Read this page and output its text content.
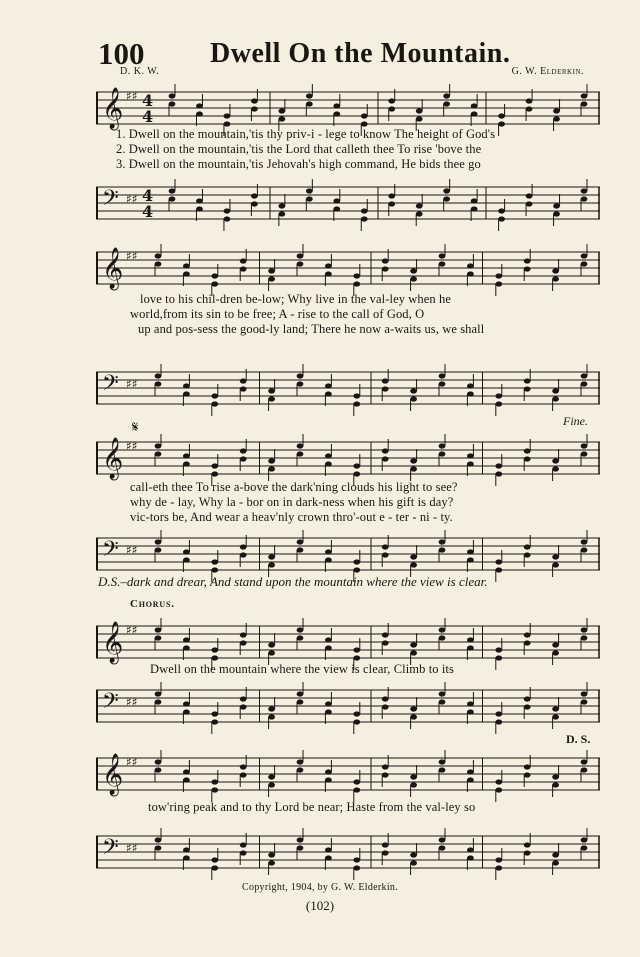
100 Dwell On the Mountain.
D. K. W.	G. W. Elderkin.
𝄞 ♯♯ 4
4
1. Dwell on the mountain,'tis thy priv-i - lege to know The height of God's
2. Dwell on the mountain,'tis the Lord that calleth thee To rise 'bove the
3. Dwell on the mountain,'tis Jehovah's high command, He bids thee go
𝄢 ♯♯ 4
4
𝄞 ♯♯
love to his chil-dren be-low; Why live in the val-ley when he
world,from its sin to be free; A - rise to the call of God, O
up and pos-sess the good-ly land; There he now a-waits us, we shall
𝄢 ♯♯
𝄞 ♯♯
𝄋	Fine.
call-eth thee To rise a-bove the dark'ning clouds his light to see?
why de - lay, Why la - bor on in dark-ness when his gift is day?
vic-tors be, And wear a heav'nly crown thro'-out e - ter - ni - ty.
𝄢 ♯♯
D.S.–dark and drear, And stand upon the mountain where the view is clear.
Chorus.
𝄞 ♯♯
Dwell on the mountain where the view is clear, Climb to its
𝄢 ♯♯
D. S.
𝄞 ♯♯
tow'ring peak and to thy Lord be near; Haste from the val-ley so
𝄢 ♯♯
Copyright, 1904, by G. W. Elderkin.
(102)
